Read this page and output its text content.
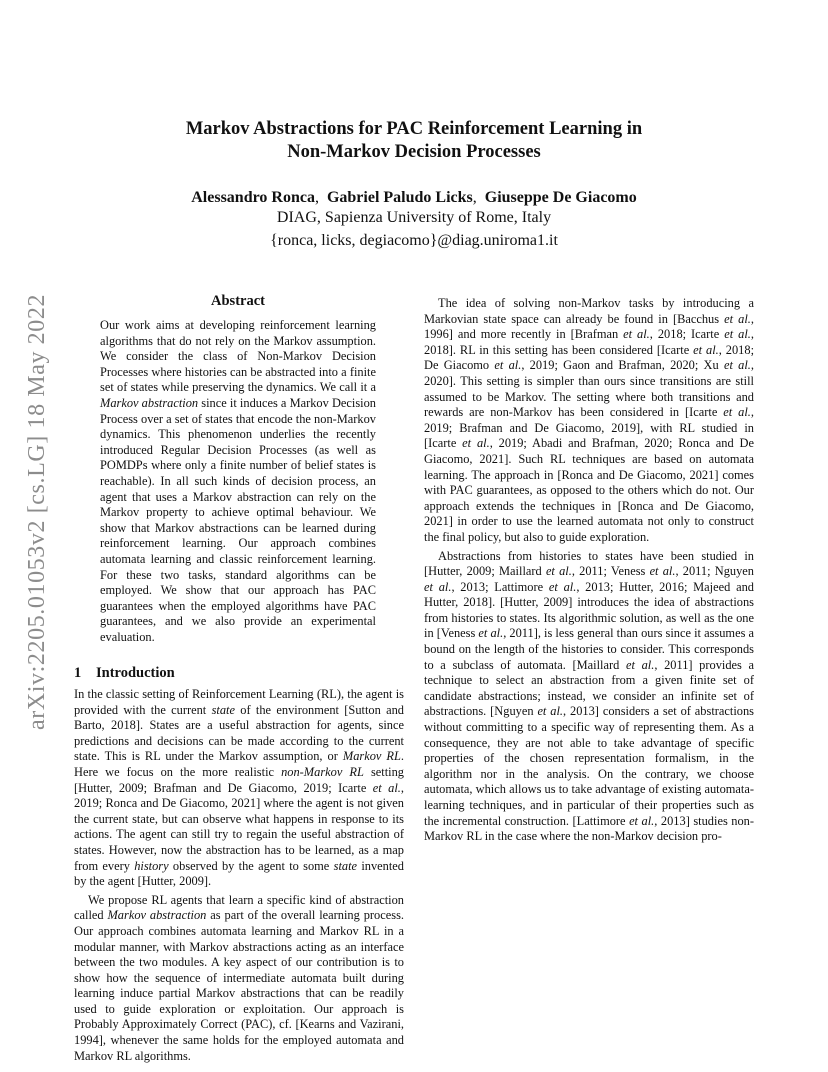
arXiv:2205.01053v2 [cs.LG] 18 May 2022
Markov Abstractions for PAC Reinforcement Learning in
Non-Markov Decision Processes
Alessandro Ronca,  Gabriel Paludo Licks,  Giuseppe De Giacomo
DIAG, Sapienza University of Rome, Italy
{ronca, licks, degiacomo}@diag.uniroma1.it
Abstract
Our work aims at developing reinforcement learning algorithms that do not rely on the Markov assumption. We consider the class of Non-Markov Decision Processes where histories can be abstracted into a finite set of states while preserving the dynamics. We call it a Markov abstraction since it induces a Markov Decision Process over a set of states that encode the non-Markov dynamics. This phenomenon underlies the recently introduced Regular Decision Processes (as well as POMDPs where only a finite number of belief states is reachable). In all such kinds of decision process, an agent that uses a Markov abstraction can rely on the Markov property to achieve optimal behaviour. We show that Markov abstractions can be learned during reinforcement learning. Our approach combines automata learning and classic reinforcement learning. For these two tasks, standard algorithms can be employed. We show that our approach has PAC guarantees when the employed algorithms have PAC guarantees, and we also provide an experimental evaluation.
1 Introduction

In the classic setting of Reinforcement Learning (RL), the agent is provided with the current state of the environment [Sutton and Barto, 2018]. States are a useful abstraction for agents, since predictions and decisions can be made according to the current state. This is RL under the Markov assumption, or Markov RL. Here we focus on the more realistic non-Markov RL setting [Hutter, 2009; Brafman and De Giacomo, 2019; Icarte et al., 2019; Ronca and De Giacomo, 2021] where the agent is not given the current state, but can observe what happens in response to its actions. The agent can still try to regain the useful abstraction of states. However, now the abstraction has to be learned, as a map from every history observed by the agent to some state invented by the agent [Hutter, 2009].

We propose RL agents that learn a specific kind of abstraction called Markov abstraction as part of the overall learning process. Our approach combines automata learning and Markov RL in a modular manner, with Markov abstractions acting as an interface between the two modules. A key aspect of our contribution is to show how the sequence of intermediate automata built during learning induce partial Markov abstractions that can be readily used to guide exploration or exploitation. Our approach is Probably Approximately Correct (PAC), cf. [Kearns and Vazirani, 1994], whenever the same holds for the employed automata and Markov RL algorithms.

The idea of solving non-Markov tasks by introducing a Markovian state space can already be found in [Bacchus et al., 1996] and more recently in [Brafman et al., 2018; Icarte et al., 2018]. RL in this setting has been considered [Icarte et al., 2018; De Giacomo et al., 2019; Gaon and Brafman, 2020; Xu et al., 2020]. This setting is simpler than ours since transitions are still assumed to be Markov. The setting where both transitions and rewards are non-Markov has been considered in [Icarte et al., 2019; Brafman and De Giacomo, 2019], with RL studied in [Icarte et al., 2019; Abadi and Brafman, 2020; Ronca and De Giacomo, 2021]. Such RL techniques are based on automata learning. The approach in [Ronca and De Giacomo, 2021] comes with PAC guarantees, as opposed to the others which do not. Our approach extends the techniques in [Ronca and De Giacomo, 2021] in order to use the learned automata not only to construct the final policy, but also to guide exploration.

Abstractions from histories to states have been studied in [Hutter, 2009; Maillard et al., 2011; Veness et al., 2011; Nguyen et al., 2013; Lattimore et al., 2013; Hutter, 2016; Majeed and Hutter, 2018]. [Hutter, 2009] introduces the idea of abstractions from histories to states. Its algorithmic solution, as well as the one in [Veness et al., 2011], is less general than ours since it assumes a bound on the length of the histories to consider. This corresponds to a subclass of automata. [Maillard et al., 2011] provides a technique to select an abstraction from a given finite set of candidate abstractions; instead, we consider an infinite set of abstractions. [Nguyen et al., 2013] considers a set of abstractions without committing to a specific way of representing them. As a consequence, they are not able to take advantage of specific properties of the chosen representation formalism, in the algorithm nor in the analysis. On the contrary, we choose automata, which allows us to take advantage of existing automata-learning techniques, and in particular of their properties such as the incremental construction. [Lattimore et al., 2013] studies non-Markov RL in the case where the non-Markov decision pro-
